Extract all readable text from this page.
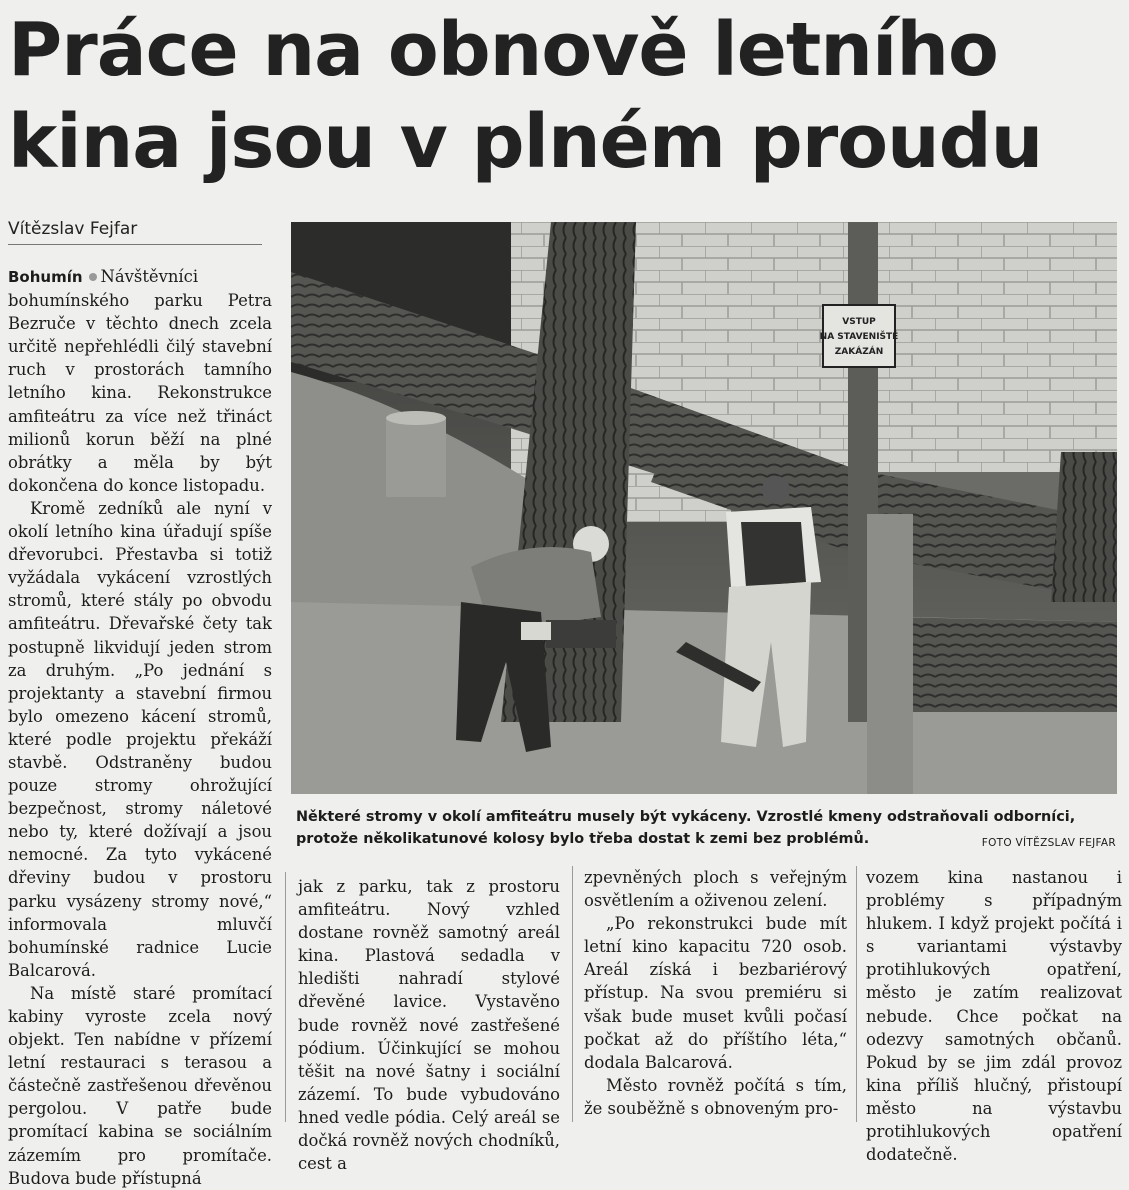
Práce na obnově letního
kina jsou v plném proudu
Vítězslav Fejfar

Bohumín Návštěvníci bohumínského parku Petra Bezruče v těchto dnech zcela určitě nepřehlédli čilý stavební ruch v prostorách tamního letního kina. Rekonstrukce amfiteátru za více než třináct milionů korun běží na plné obrátky a měla by být dokončena do konce listopadu.

Kromě zedníků ale nyní v okolí letního kina úřadují spíše dřevorubci. Přestavba si totiž vyžádala vykácení vzrostlých stromů, které stály po obvodu amfiteátru. Dřevařské čety tak postupně likvidují jeden strom za druhým. „Po jednání s projektanty a stavební firmou bylo omezeno kácení stromů, které podle projektu překáží stavbě. Odstraněny budou pouze stromy ohrožující bezpečnost, stromy náletové nebo ty, které dožívají a jsou nemocné. Za tyto vykácené dřeviny budou v prostoru parku vysázeny stromy nové,“ informovala mluvčí bohumínské radnice Lucie Balcarová.

Na místě staré promítací kabiny vyroste zcela nový objekt. Ten nabídne v přízemí letní restauraci s terasou a částečně zastřešenou dřevěnou pergolou. V patře bude promítací kabina se sociálním zázemím pro promítače. Budova bude přístupná

VSTUP
NA STAVENIŠTĚ
ZAKÁZÁN
Některé stromy v okolí amfiteátru musely být vykáceny. Vzrostlé kmeny odstraňovali odborníci,
protože několikatunové kolosy bylo třeba dostat k zemi bez problémů.	FOTO VÍTĚZSLAV FEJFAR

jak z parku, tak z prostoru amfiteátru. Nový vzhled dostane rovněž samotný areál kina. Plastová sedadla v hledišti nahradí stylové dřevěné lavice. Vystavěno bude rovněž nové zastřešené pódium. Účinkující se mohou těšit na nové šatny i sociální zázemí. To bude vybudováno hned vedle pódia. Celý areál se dočká rovněž nových chodníků, cest a

zpevněných ploch s veřejným osvětlením a oživenou zelení.

„Po rekonstrukci bude mít letní kino kapacitu 720 osob. Areál získá i bezbariérový přístup. Na svou premiéru si však bude muset kvůli počasí počkat až do příštího léta,“ dodala Balcarová.

Město rovněž počítá s tím, že souběžně s obnoveným pro-

vozem kina nastanou i problémy s případným hlukem. I když projekt počítá i s variantami výstavby protihlukových opatření, město je zatím realizovat nebude. Chce počkat na odezvy samotných občanů. Pokud by se jim zdál provoz kina příliš hlučný, přistoupí město na výstavbu protihlukových opatření dodatečně.
